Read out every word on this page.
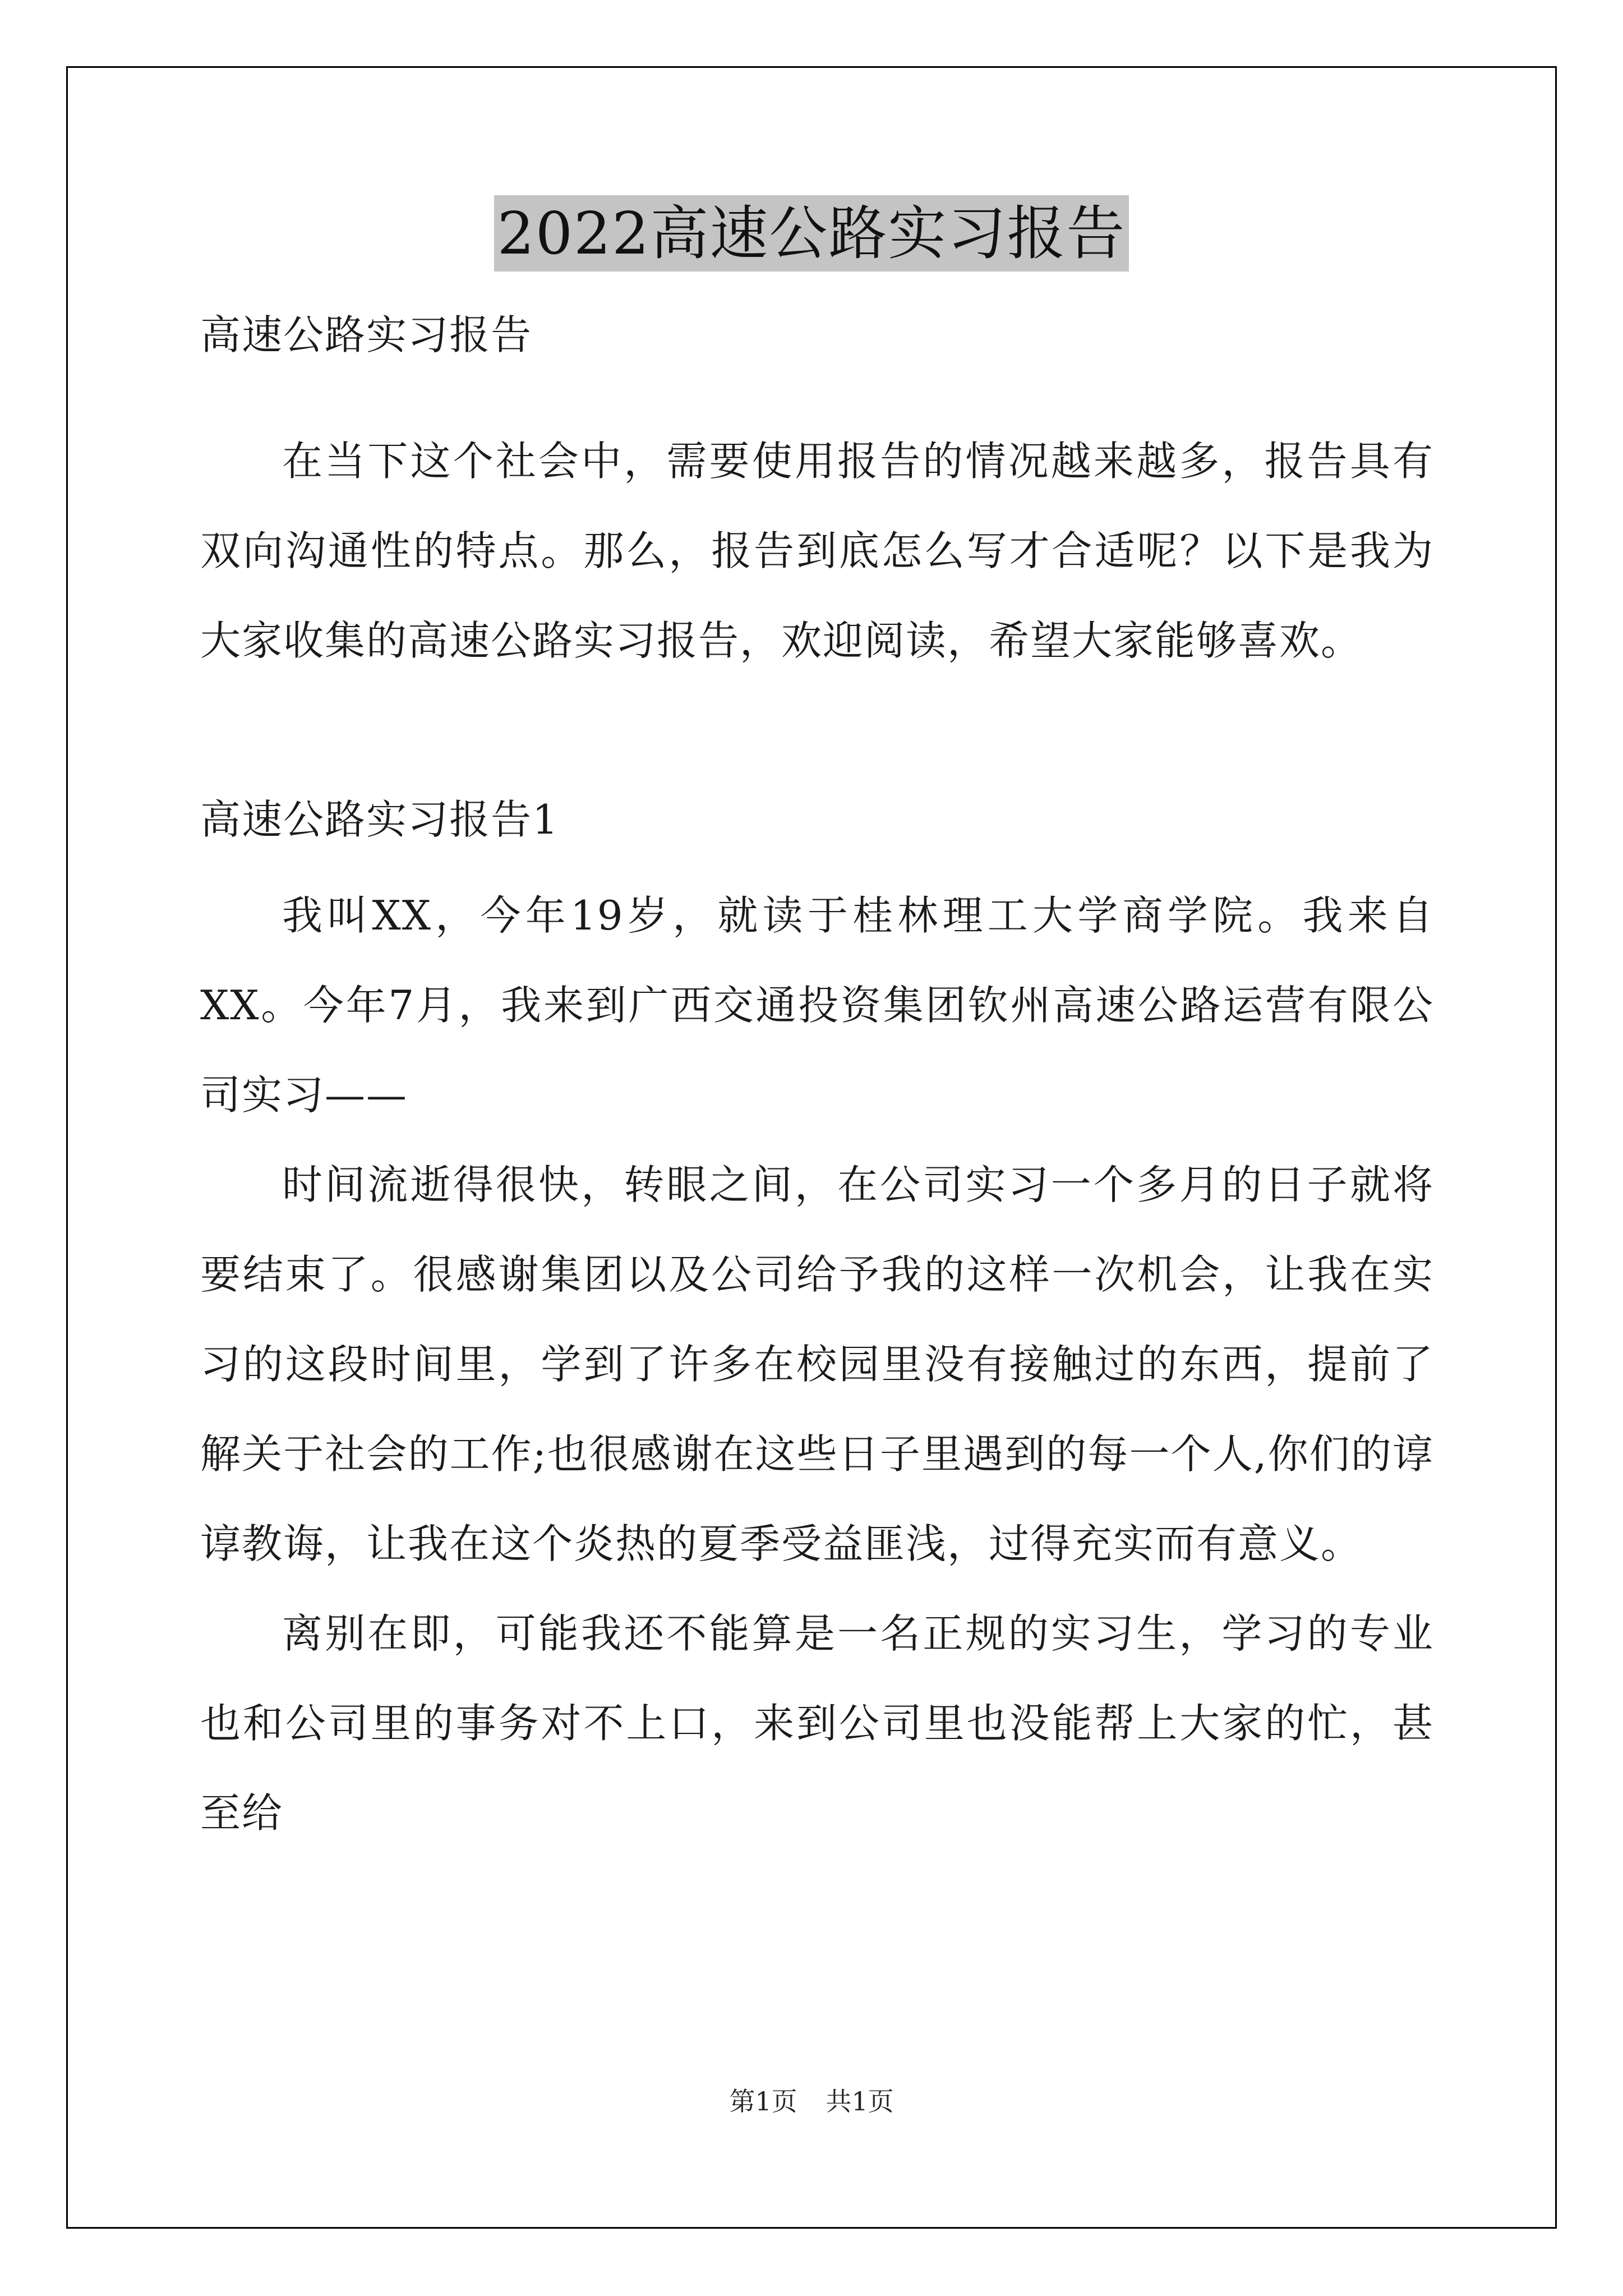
2022高速公路实习报告

高速公路实习报告

在当下这个社会中，需要使用报告的情况越来越多，报告具有双向沟通性的特点。那么，报告到底怎么写才合适呢？以下是我为大家收集的高速公路实习报告，欢迎阅读，希望大家能够喜欢。

高速公路实习报告1

我叫XX，今年19岁，就读于桂林理工大学商学院。我来自XX。今年7月，我来到广西交通投资集团钦州高速公路运营有限公司实习——

时间流逝得很快，转眼之间，在公司实习一个多月的日子就将要结束了。很感谢集团以及公司给予我的这样一次机会，让我在实习的这段时间里，学到了许多在校园里没有接触过的东西，提前了解关于社会的工作;也很感谢在这些日子里遇到的每一个人,你们的谆谆教诲，让我在这个炎热的夏季受益匪浅，过得充实而有意义。

离别在即，可能我还不能算是一名正规的实习生，学习的专业也和公司里的事务对不上口，来到公司里也没能帮上大家的忙，甚至给

第1页 共1页
